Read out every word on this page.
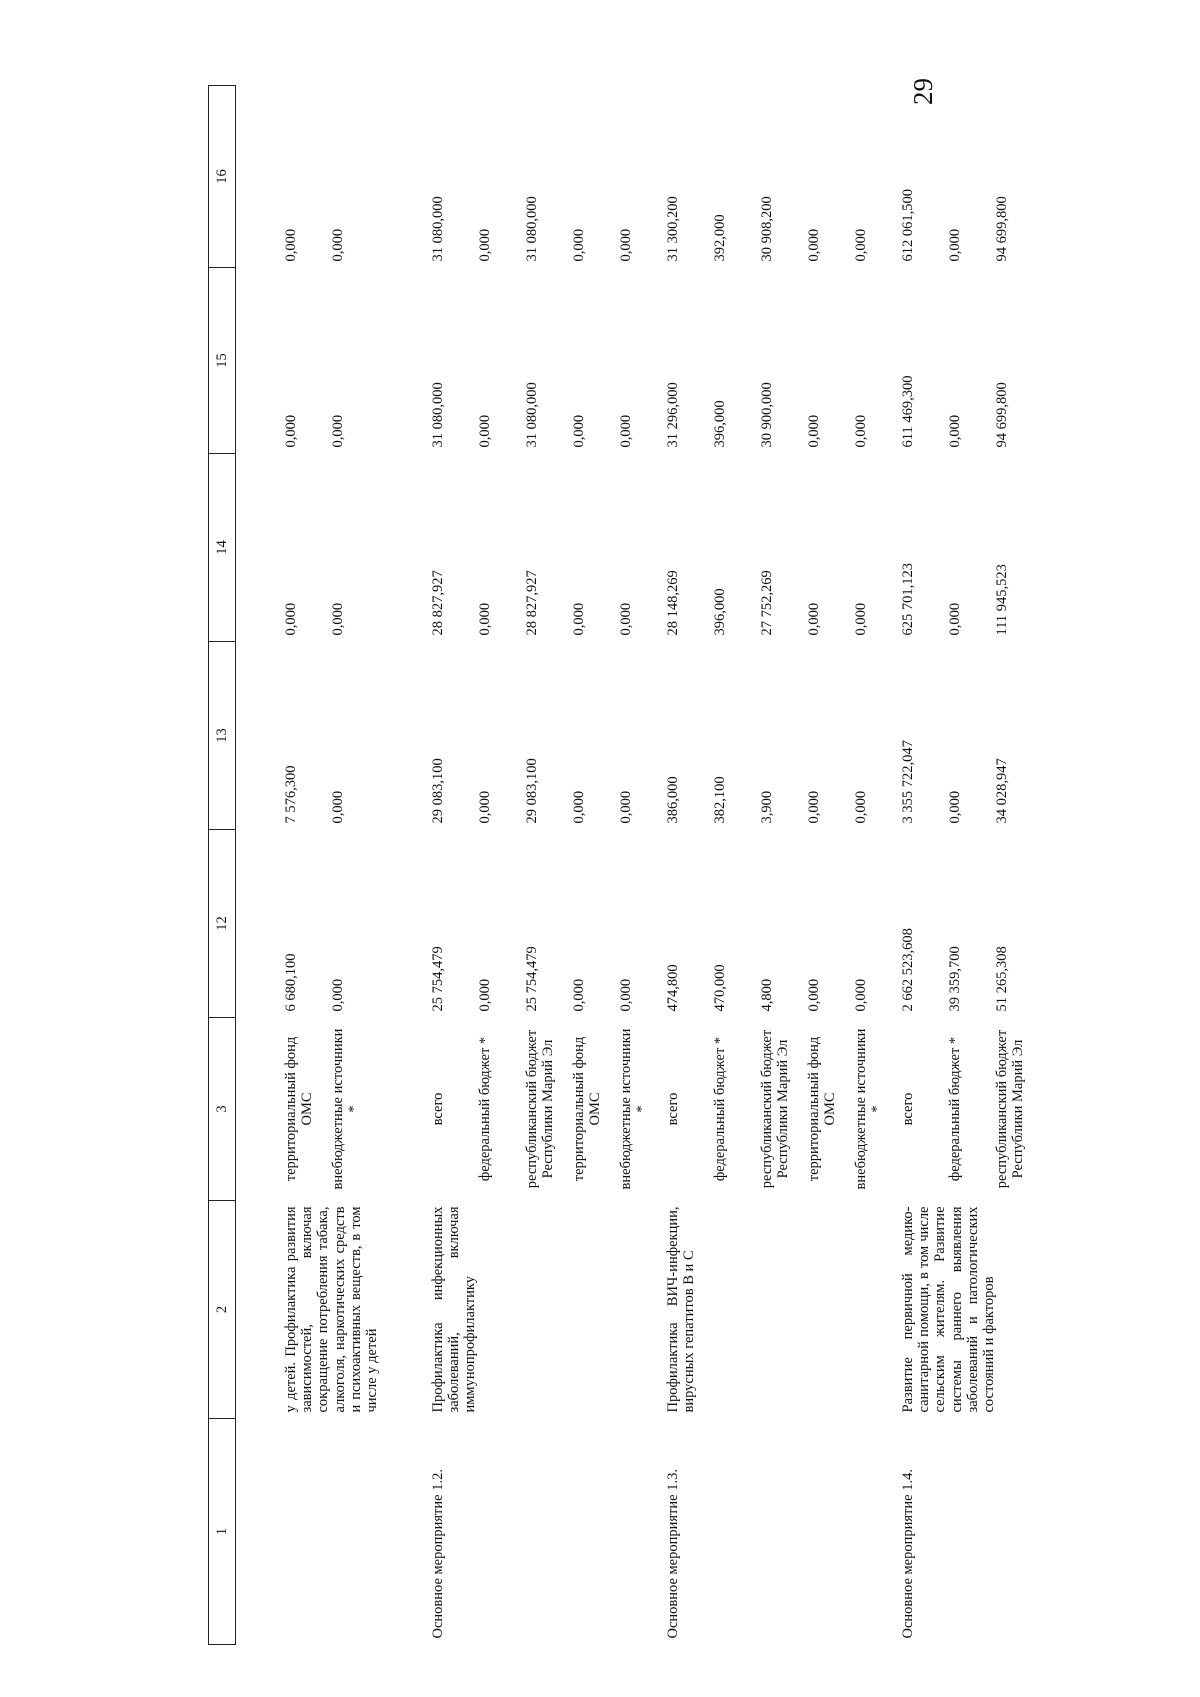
29
1	2	3	12	13	14	15	16

	у детей. Профилактика развития зависимостей, включая сокращение потребления табака, алкоголя, наркотических средств и психоактивных веществ, в том числе у детей	территориальный фонд ОМС	6 680,100	7 576,300	0,000	0,000	0,000
		внебюджетные источники *	0,000	0,000	0,000	0,000	0,000
Основное мероприятие 1.2.	Профилактика инфекционных заболеваний, включая иммунопрофилактику	всего	25 754,479	29 083,100	28 827,927	31 080,000	31 080,000
		федеральный бюджет *	0,000	0,000	0,000	0,000	0,000
		республиканский бюджет Республики Марий Эл	25 754,479	29 083,100	28 827,927	31 080,000	31 080,000
		территориальный фонд ОМС	0,000	0,000	0,000	0,000	0,000
		внебюджетные источники *	0,000	0,000	0,000	0,000	0,000
Основное мероприятие 1.3.	Профилактика ВИЧ-инфекции, вирусных гепатитов В и С	всего	474,800	386,000	28 148,269	31 296,000	31 300,200
		федеральный бюджет *	470,000	382,100	396,000	396,000	392,000
		республиканский бюджет Республики Марий Эл	4,800	3,900	27 752,269	30 900,000	30 908,200
		территориальный фонд ОМС	0,000	0,000	0,000	0,000	0,000
		внебюджетные источники *	0,000	0,000	0,000	0,000	0,000
Основное мероприятие 1.4.	Развитие первичной медико-санитарной помощи, в том числе сельским жителям. Развитие системы раннего выявления заболеваний и патологических состояний и факторов	всего	2 662 523,608	3 355 722,047	625 701,123	611 469,300	612 061,500
		федеральный бюджет *	39 359,700	0,000	0,000	0,000	0,000
		республиканский бюджет Республики Марий Эл	51 265,308	34 028,947	111 945,523	94 699,800	94 699,800
